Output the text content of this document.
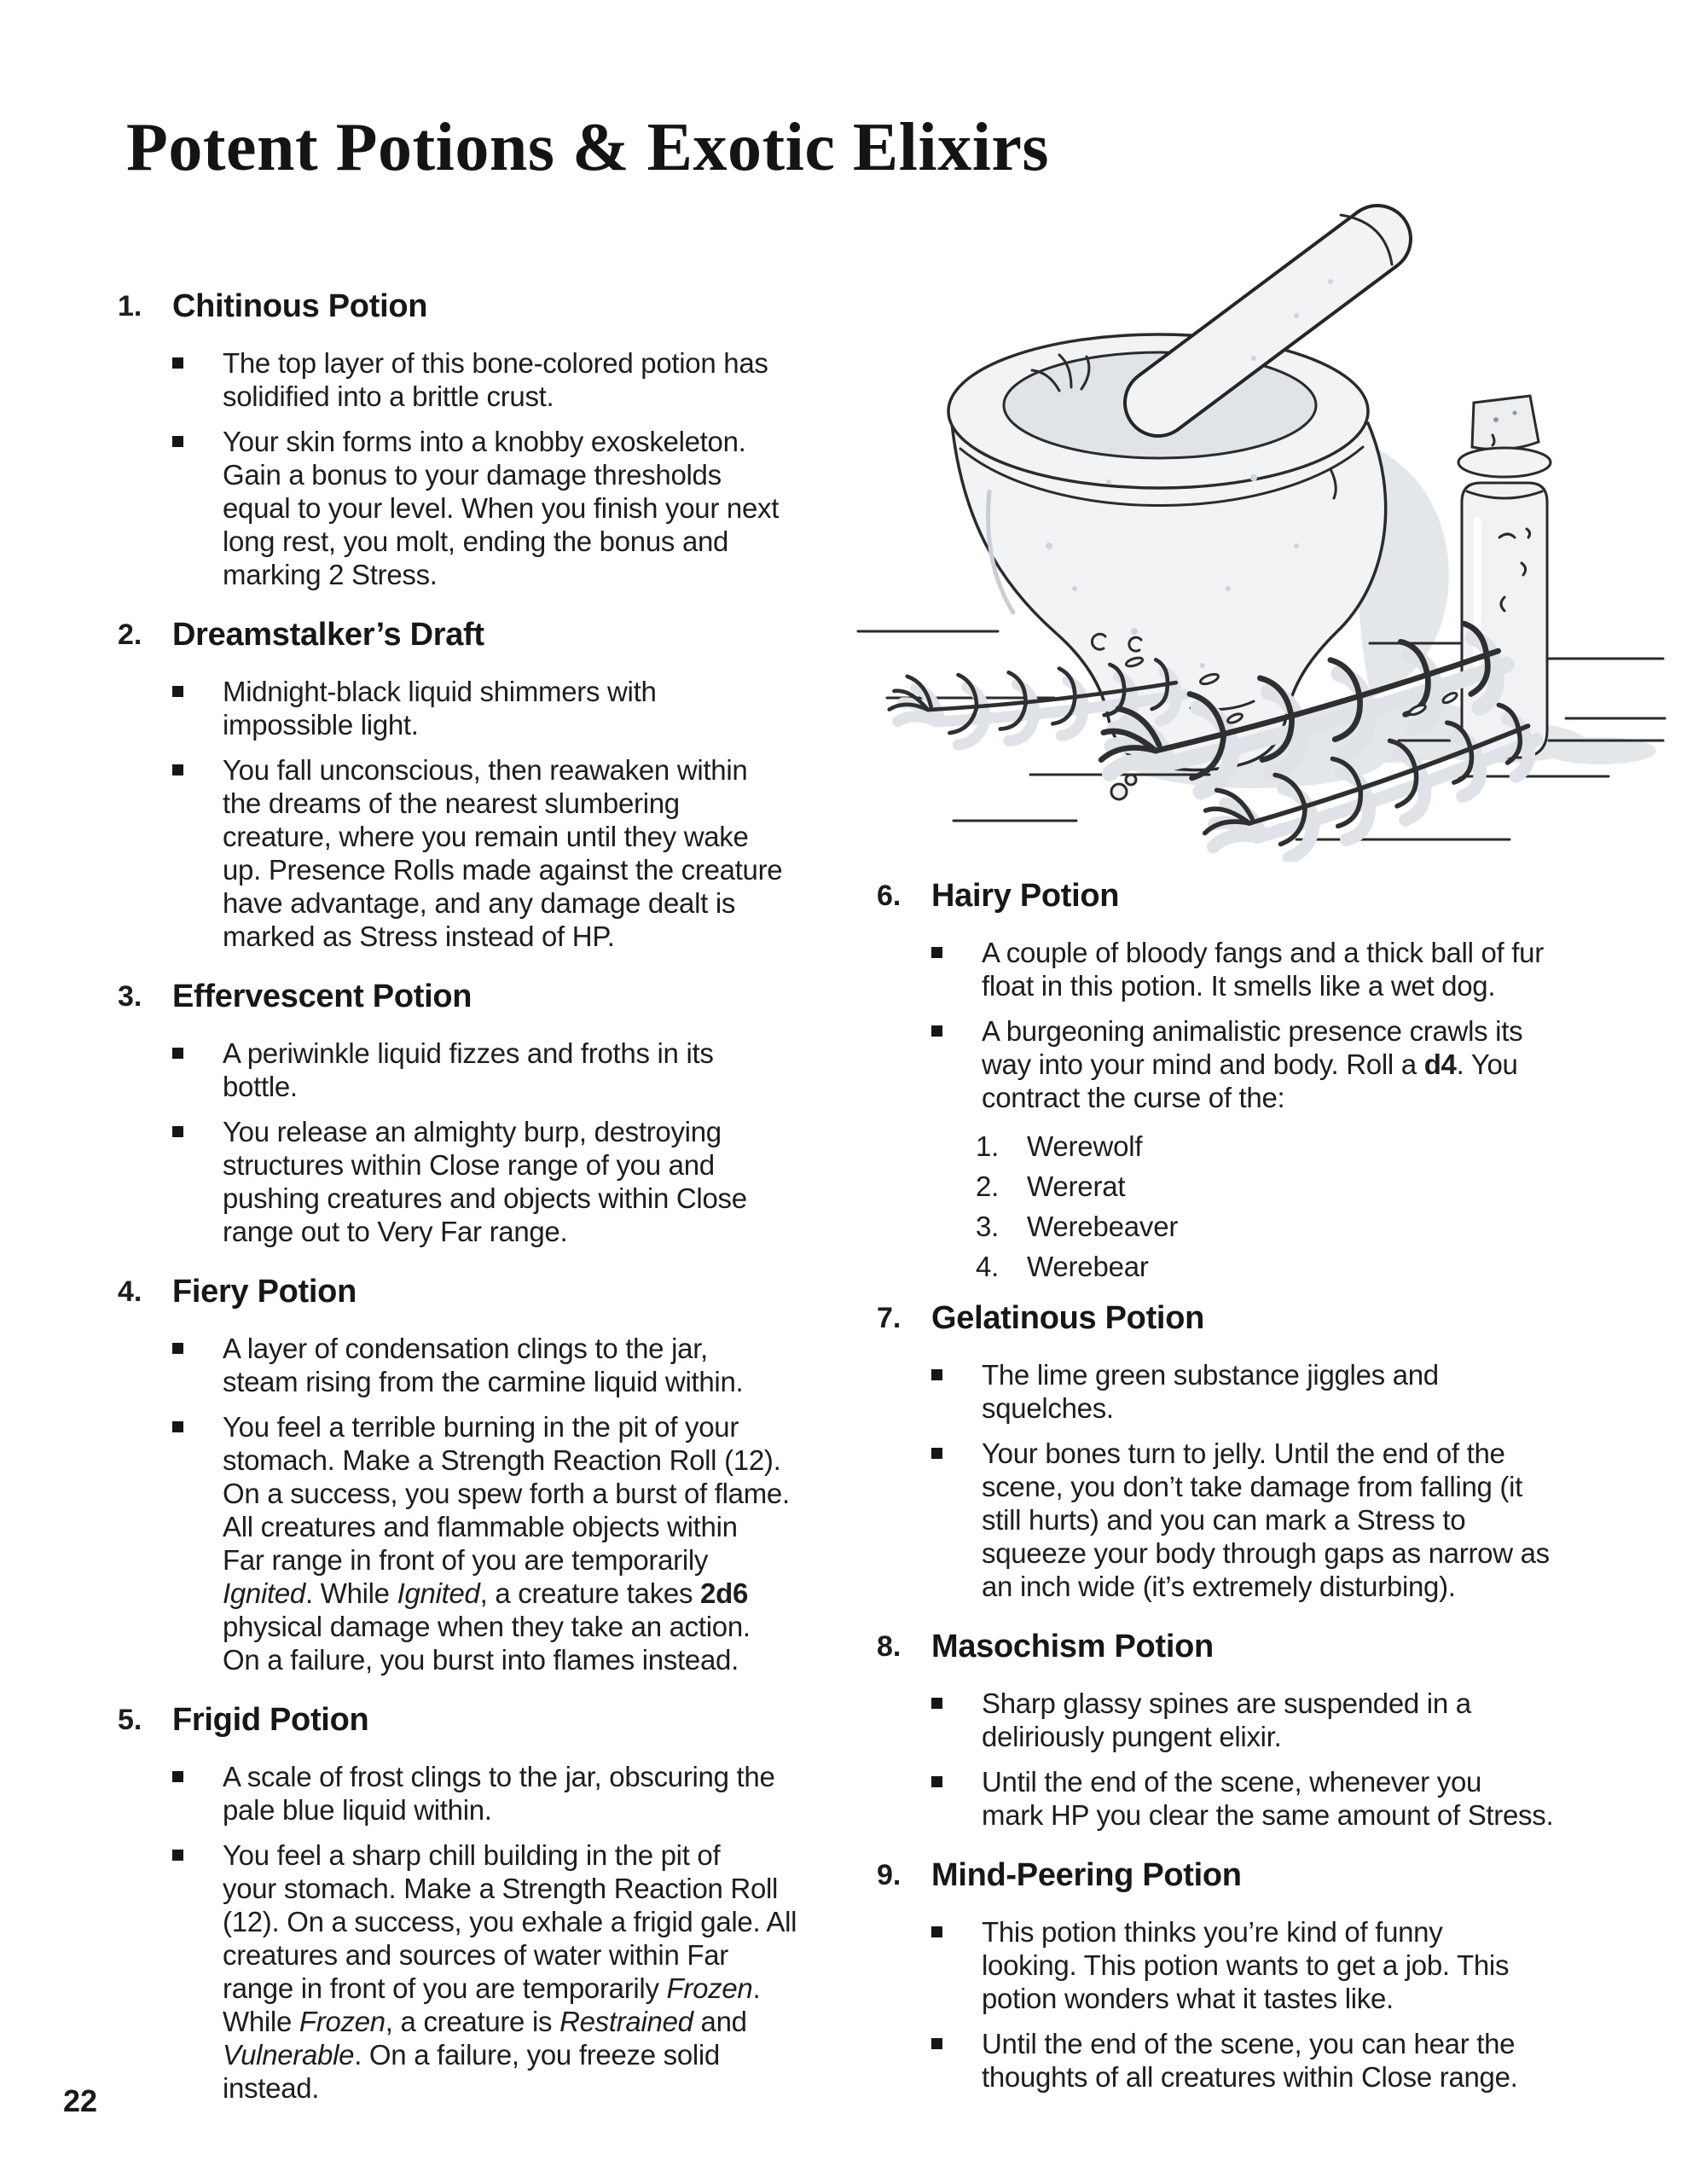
Potent Potions & Exotic Elixirs
1. Chitinous Potion
The top layer of this bone-colored potion has
solidified into a brittle crust.
Your skin forms into a knobby exoskeleton.
Gain a bonus to your damage thresholds
equal to your level. When you finish your next
long rest, you molt, ending the bonus and
marking 2 Stress.
2. Dreamstalker’s Draft
Midnight-black liquid shimmers with
impossible light.
You fall unconscious, then reawaken within
the dreams of the nearest slumbering
creature, where you remain until they wake
up. Presence Rolls made against the creature
have advantage, and any damage dealt is
marked as Stress instead of HP.
3. Effervescent Potion
A periwinkle liquid fizzes and froths in its
bottle.
You release an almighty burp, destroying
structures within Close range of you and
pushing creatures and objects within Close
range out to Very Far range.
4. Fiery Potion
A layer of condensation clings to the jar,
steam rising from the carmine liquid within.
You feel a terrible burning in the pit of your
stomach. Make a Strength Reaction Roll (12).
On a success, you spew forth a burst of flame.
All creatures and flammable objects within
Far range in front of you are temporarily
Ignited. While Ignited, a creature takes 2d6
physical damage when they take an action.
On a failure, you burst into flames instead.
5. Frigid Potion
A scale of frost clings to the jar, obscuring the
pale blue liquid within.
You feel a sharp chill building in the pit of
your stomach. Make a Strength Reaction Roll
(12). On a success, you exhale a frigid gale. All
creatures and sources of water within Far
range in front of you are temporarily Frozen.
While Frozen, a creature is Restrained and
Vulnerable. On a failure, you freeze solid
instead.
6. Hairy Potion
A couple of bloody fangs and a thick ball of fur
float in this potion. It smells like a wet dog.
A burgeoning animalistic presence crawls its
way into your mind and body. Roll a d4. You
contract the curse of the:
1. Werewolf
2. Wererat
3. Werebeaver
4. Werebear
7. Gelatinous Potion
The lime green substance jiggles and
squelches.
Your bones turn to jelly. Until the end of the
scene, you don’t take damage from falling (it
still hurts) and you can mark a Stress to
squeeze your body through gaps as narrow as
an inch wide (it’s extremely disturbing).
8. Masochism Potion
Sharp glassy spines are suspended in a
deliriously pungent elixir.
Until the end of the scene, whenever you
mark HP you clear the same amount of Stress.
9. Mind-Peering Potion
This potion thinks you’re kind of funny
looking. This potion wants to get a job. This
potion wonders what it tastes like.
Until the end of the scene, you can hear the
thoughts of all creatures within Close range.
22
